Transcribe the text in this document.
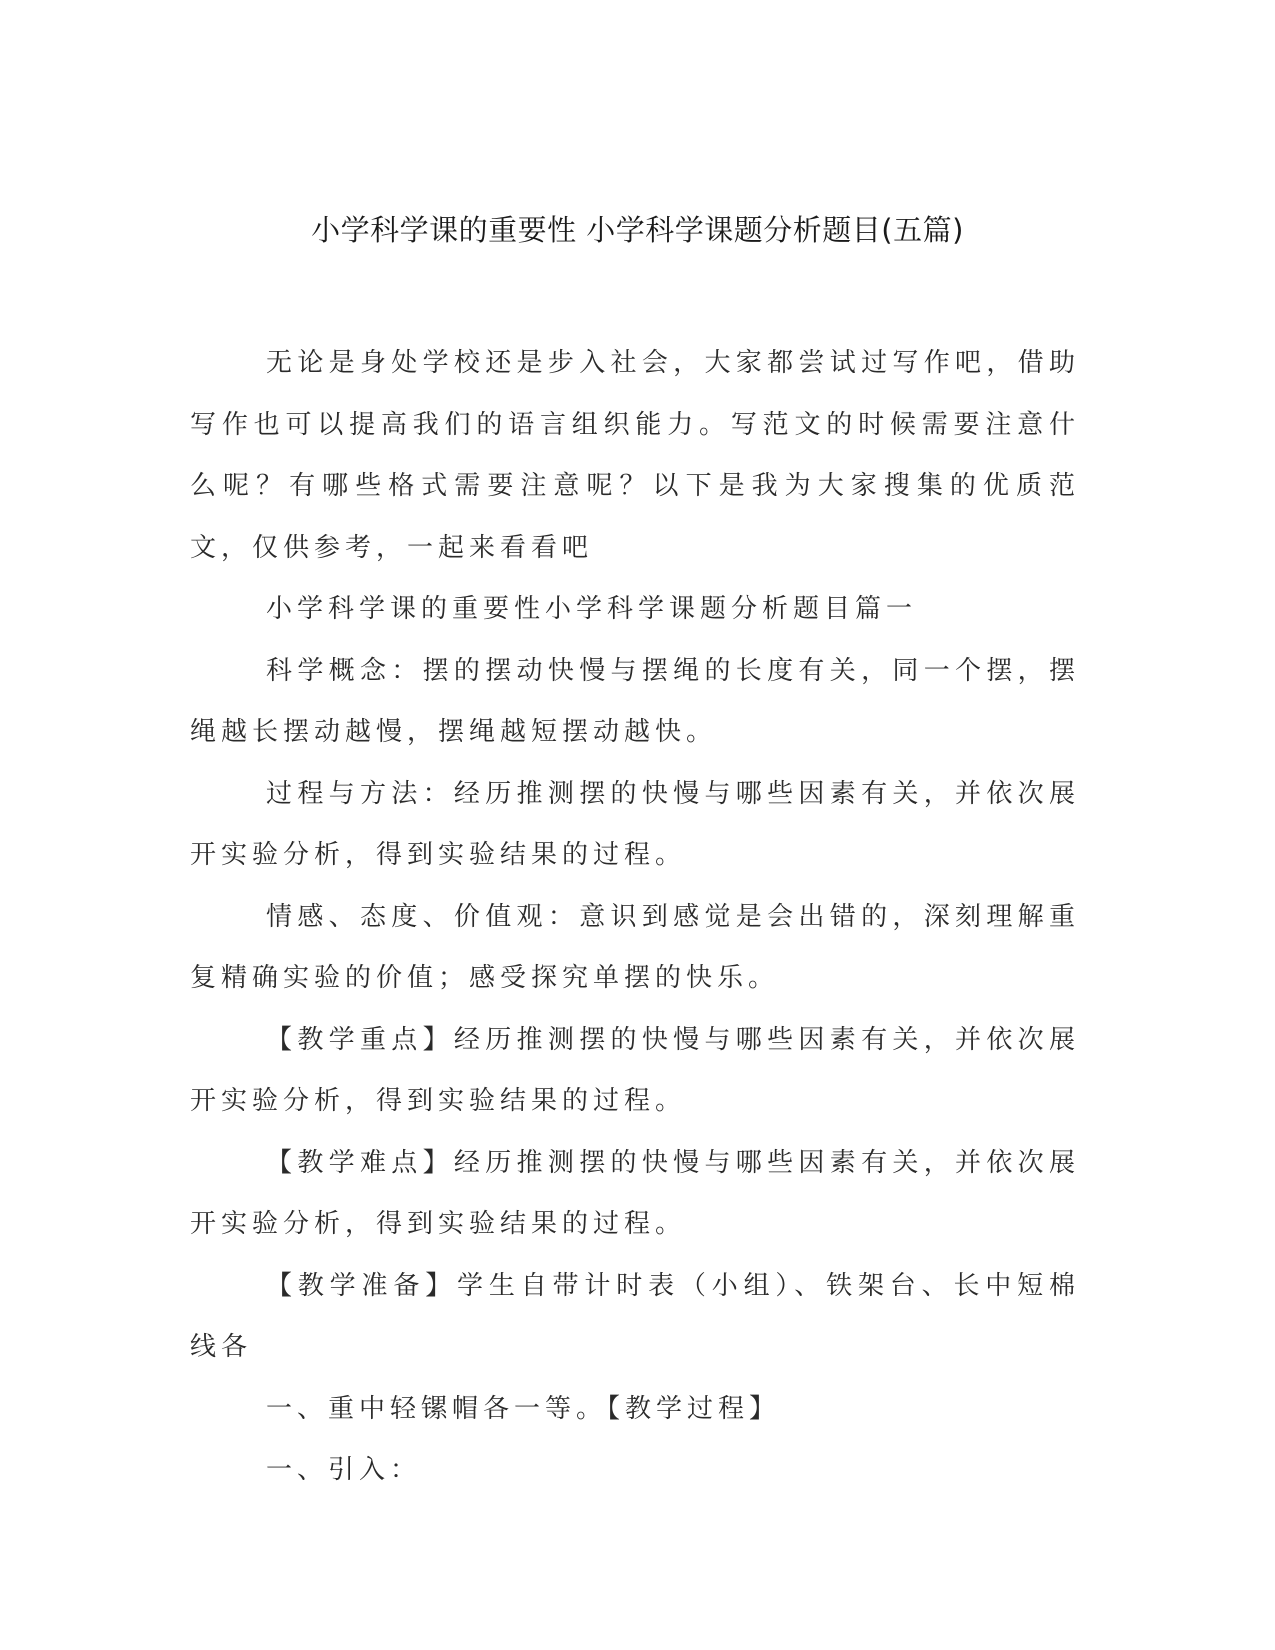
小学科学课的重要性 小学科学课题分析题目(五篇)

无论是身处学校还是步入社会，大家都尝试过写作吧，借助写作也可以提高我们的语言组织能力。写范文的时候需要注意什么呢？有哪些格式需要注意呢？以下是我为大家搜集的优质范文，仅供参考，一起来看看吧

小学科学课的重要性小学科学课题分析题目篇一

科学概念：摆的摆动快慢与摆绳的长度有关，同一个摆，摆绳越长摆动越慢，摆绳越短摆动越快。

过程与方法：经历推测摆的快慢与哪些因素有关，并依次展开实验分析，得到实验结果的过程。

情感、态度、价值观：意识到感觉是会出错的，深刻理解重复精确实验的价值；感受探究单摆的快乐。

【教学重点】经历推测摆的快慢与哪些因素有关，并依次展开实验分析，得到实验结果的过程。

【教学难点】经历推测摆的快慢与哪些因素有关，并依次展开实验分析，得到实验结果的过程。

【教学准备】学生自带计时表（小组）、铁架台、长中短棉线各

一、重中轻镙帽各一等。【教学过程】

一、引入：
